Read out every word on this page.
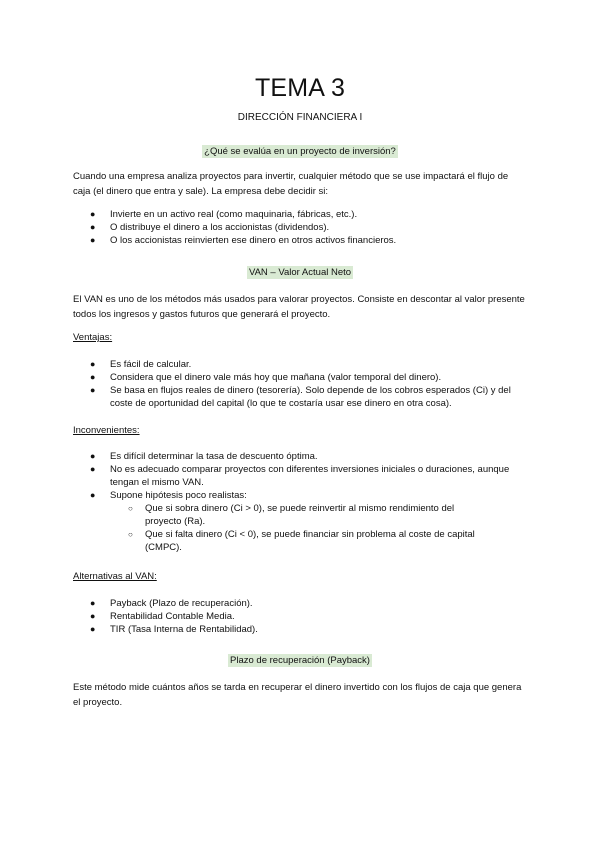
TEMA 3

DIRECCIÓN FINANCIERA I

¿Qué se evalúa en un proyecto de inversión?

Cuando una empresa analiza proyectos para invertir, cualquier método que se use impactará el flujo de caja (el dinero que entra y sale). La empresa debe decidir si:

● Invierte en un activo real (como maquinaria, fábricas, etc.).
● O distribuye el dinero a los accionistas (dividendos).
● O los accionistas reinvierten ese dinero en otros activos financieros.

VAN – Valor Actual Neto

El VAN es uno de los métodos más usados para valorar proyectos. Consiste en descontar al valor presente todos los ingresos y gastos futuros que generará el proyecto.

Ventajas:

● Es fácil de calcular.
● Considera que el dinero vale más hoy que mañana (valor temporal del dinero).
● Se basa en flujos reales de dinero (tesorería). Solo depende de los cobros esperados (Ci) y del coste de oportunidad del capital (lo que te costaría usar ese dinero en otra cosa).

Inconvenientes:

● Es difícil determinar la tasa de descuento óptima.
● No es adecuado comparar proyectos con diferentes inversiones iniciales o duraciones, aunque tengan el mismo VAN.
● Supone hipótesis poco realistas:
○ Que si sobra dinero (Ci > 0), se puede reinvertir al mismo rendimiento del proyecto (Ra).
○ Que si falta dinero (Ci < 0), se puede financiar sin problema al coste de capital (CMPC).

Alternativas al VAN:

● Payback (Plazo de recuperación).
● Rentabilidad Contable Media.
● TIR (Tasa Interna de Rentabilidad).

Plazo de recuperación (Payback)

Este método mide cuántos años se tarda en recuperar el dinero invertido con los flujos de caja que genera el proyecto.
